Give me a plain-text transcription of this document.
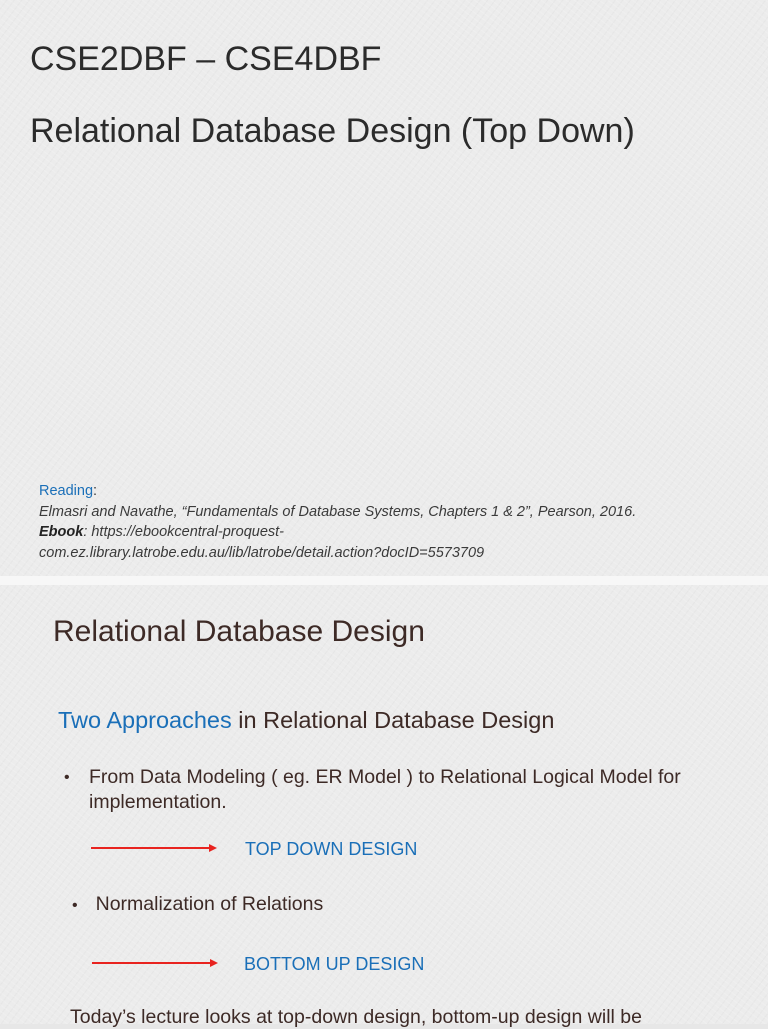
CSE2DBF – CSE4DBF
Relational Database Design (Top Down)
Reading:
Elmasri and Navathe, “Fundamentals of Database Systems, Chapters 1 & 2”, Pearson, 2016.
Ebook: https://ebookcentral-proquest-
com.ez.library.latrobe.edu.au/lib/latrobe/detail.action?docID=5573709
Relational Database Design
Two Approaches in Relational Database Design
• From Data Modeling ( eg. ER Model ) to Relational Logical Model for implementation.
TOP DOWN DESIGN
• Normalization of Relations
BOTTOM UP DESIGN
Today’s lecture looks at top-down design, bottom-up design will be
